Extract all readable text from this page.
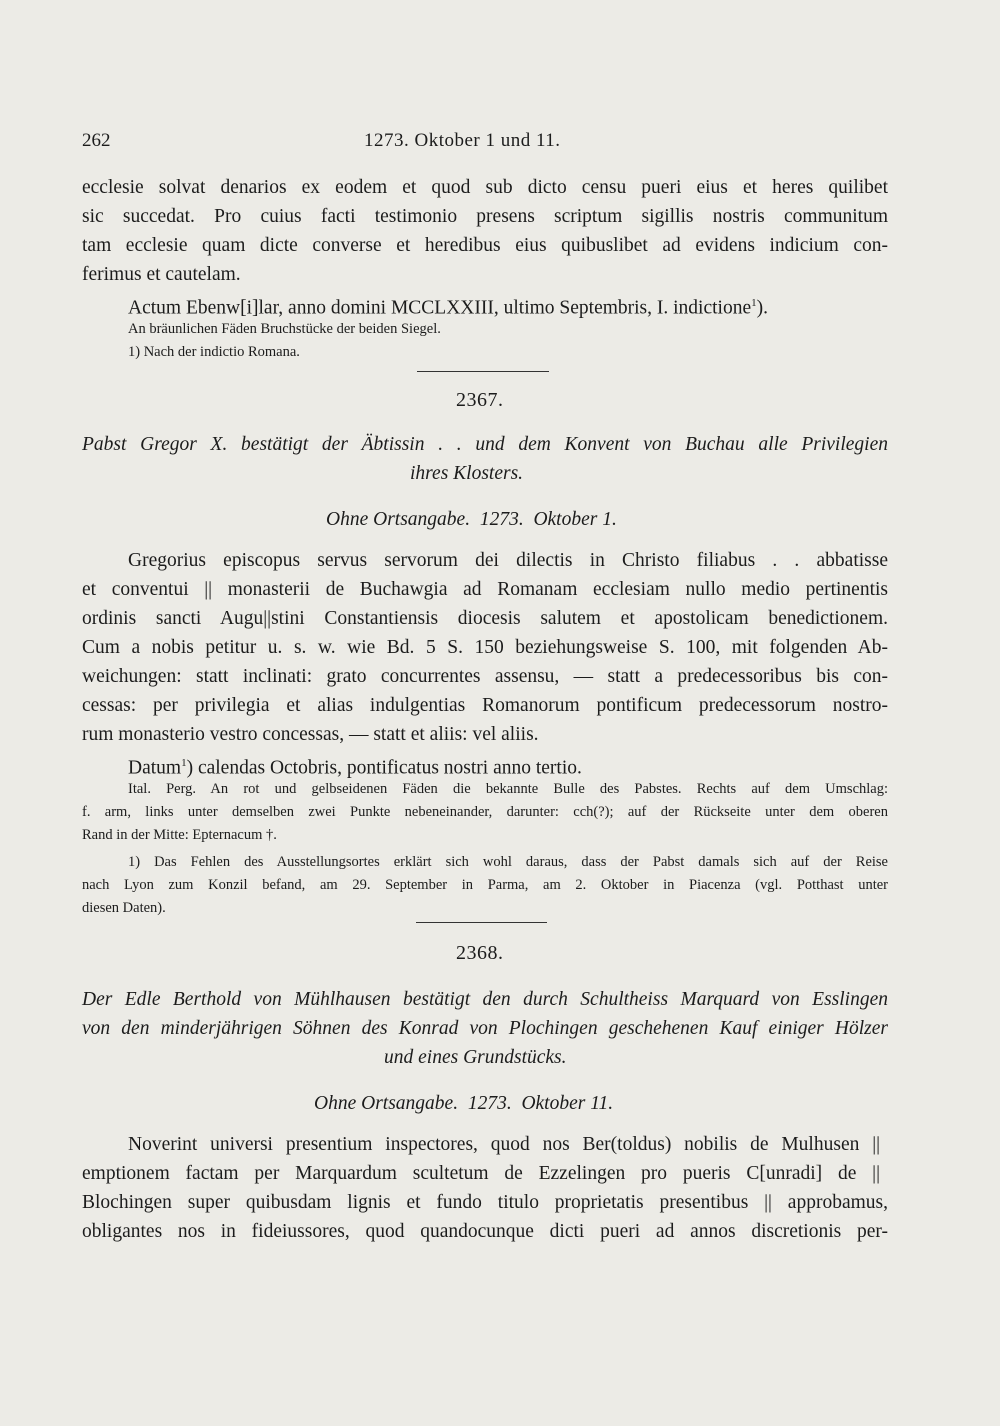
262	1273. Oktober 1 und 11.
ecclesie solvat denarios ex eodem et quod sub dicto censu pueri eius et heres quilibet
sic succedat. Pro cuius facti testimonio presens scriptum sigillis nostris communitum
tam ecclesie quam dicte converse et heredibus eius quibuslibet ad evidens indicium con-
ferimus et cautelam.
Actum Ebenw[i]lar, anno domini MCCLXXIII, ultimo Septembris, I. indictione$^1$).
An bräunlichen Fäden Bruchstücke der beiden Siegel.
1) Nach der indictio Romana.
2367.
Pabst Gregor X. bestätigt der Äbtissin . . und dem Konvent von Buchau alle Privilegien
ihres Klosters.
Ohne Ortsangabe.  1273.  Oktober 1.
Gregorius episcopus servus servorum dei dilectis in Christo filiabus . . abbatisse
et conventui || monasterii de Buchawgia ad Romanam ecclesiam nullo medio pertinentis
ordinis sancti Augu||stini Constantiensis diocesis salutem et apostolicam benedictionem.
Cum a nobis petitur u. s. w. wie Bd. 5 S. 150 beziehungsweise S. 100, mit folgenden Ab-
weichungen: statt inclinati: grato concurrentes assensu, — statt a predecessoribus bis con-
cessas: per privilegia et alias indulgentias Romanorum pontificum predecessorum nostro-
rum monasterio vestro concessas, — statt et aliis: vel aliis.
Datum$^1$) calendas Octobris, pontificatus nostri anno tertio.
Ital. Perg. An rot und gelbseidenen Fäden die bekannte Bulle des Pabstes. Rechts auf dem Umschlag:
f. arm, links unter demselben zwei Punkte nebeneinander, darunter: cch(?); auf der Rückseite unter dem oberen
Rand in der Mitte: Epternacum †.
1) Das Fehlen des Ausstellungsortes erklärt sich wohl daraus, dass der Pabst damals sich auf der Reise
nach Lyon zum Konzil befand, am 29. September in Parma, am 2. Oktober in Piacenza (vgl. Potthast unter
diesen Daten).
2368.
Der Edle Berthold von Mühlhausen bestätigt den durch Schultheiss Marquard von Esslingen
von den minderjährigen Söhnen des Konrad von Plochingen geschehenen Kauf einiger Hölzer
und eines Grundstücks.
Ohne Ortsangabe.  1273.  Oktober 11.
Noverint universi presentium inspectores, quod nos Ber(toldus) nobilis de Mulhusen ||
emptionem factam per Marquardum scultetum de Ezzelingen pro pueris C[unradi] de ||
Blochingen super quibusdam lignis et fundo titulo proprietatis presentibus || approbamus,
obligantes nos in fideiussores, quod quandocunque dicti pueri ad annos discretionis per-
